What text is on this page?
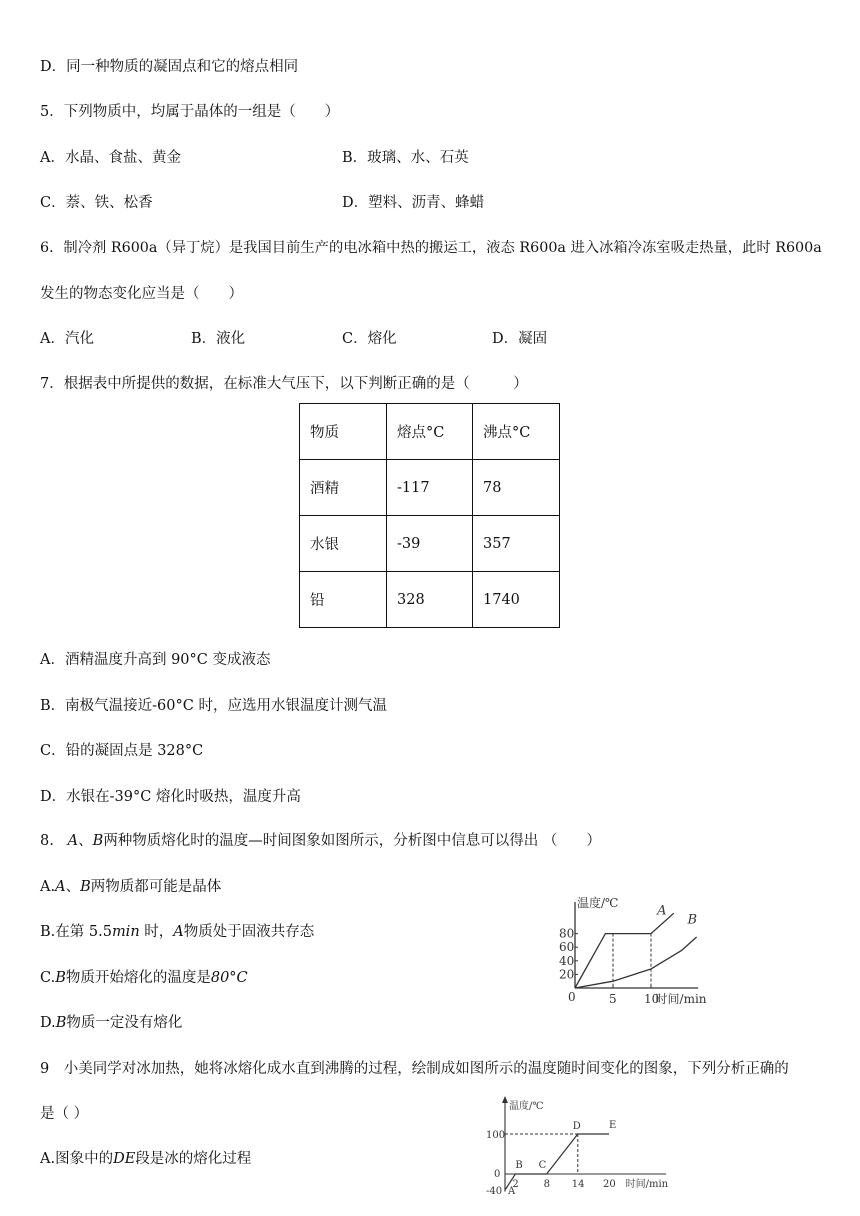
D．同一种物质的凝固点和它的熔点相同
5．下列物质中，均属于晶体的一组是（　　）
A．水晶、食盐、黄金	B．玻璃、水、石英
C．萘、铁、松香	D．塑料、沥青、蜂蜡
6．制冷剂 R600a（异丁烷）是我国目前生产的电冰箱中热的搬运工，液态 R600a 进入冰箱冷冻室吸走热量，此时 R600a
发生的物态变化应当是（　　）
A．汽化	B．液化	C．熔化	D．凝固
7．根据表中所提供的数据，在标准大气压下，以下判断正确的是（　　　）
物质	熔点°C	沸点°C
酒精	-117	78
水银	-39	357
铅	328	1740
A．酒精温度升高到 90°C 变成液态
B．南极气温接近-60°C 时，应选用水银温度计测气温
C．铅的凝固点是 328°C
D．水银在-39°C 熔化时吸热，温度升高
8. A、B两种物质熔化时的温度—时间图象如图所示，分析图中信息可以得出 （　　）
A.A、B两物质都可能是晶体
B.在第 5.5min 时，A物质处于固液共存态
C.B物质开始熔化的温度是80°C
D.B物质一定没有熔化
温度/℃
时间/min
0	5 10
20
40
60
80
A
B
9　小美同学对冰加热，她将冰熔化成水直到沸腾的过程，绘制成如图所示的温度随时间变化的图象，下列分析正确的
是（ ）
A.图象中的DE段是冰的熔化过程
温度/℃
时间/min
0
100
-40
2 8 14 20
A
B C
D	E
